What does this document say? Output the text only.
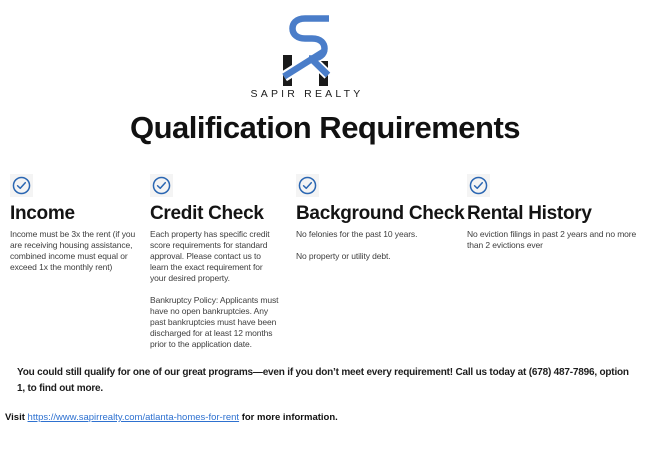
SAPIR REALTY
Qualification Requirements
Income

Income must be 3x the rent (if you are receiving housing assistance, combined income must equal or exceed 1x the monthly rent)

Credit Check

Each property has specific credit score requirements for standard approval. Please contact us to learn the exact requirement for your desired property.

Bankruptcy Policy: Applicants must have no open bankruptcies. Any past bankruptcies must have been discharged for at least 12 months prior to the application date.

Background Check

No felonies for the past 10 years.

No property or utility debt.

Rental History

No eviction filings in past 2 years and no more than 2 evictions ever

You could still qualify for one of our great programs—even if you don’t meet every requirement! Call us today at (678) 487-7896, option 1, to find out more.

Visit https://www.sapirrealty.com/atlanta-homes-for-rent for more information.
